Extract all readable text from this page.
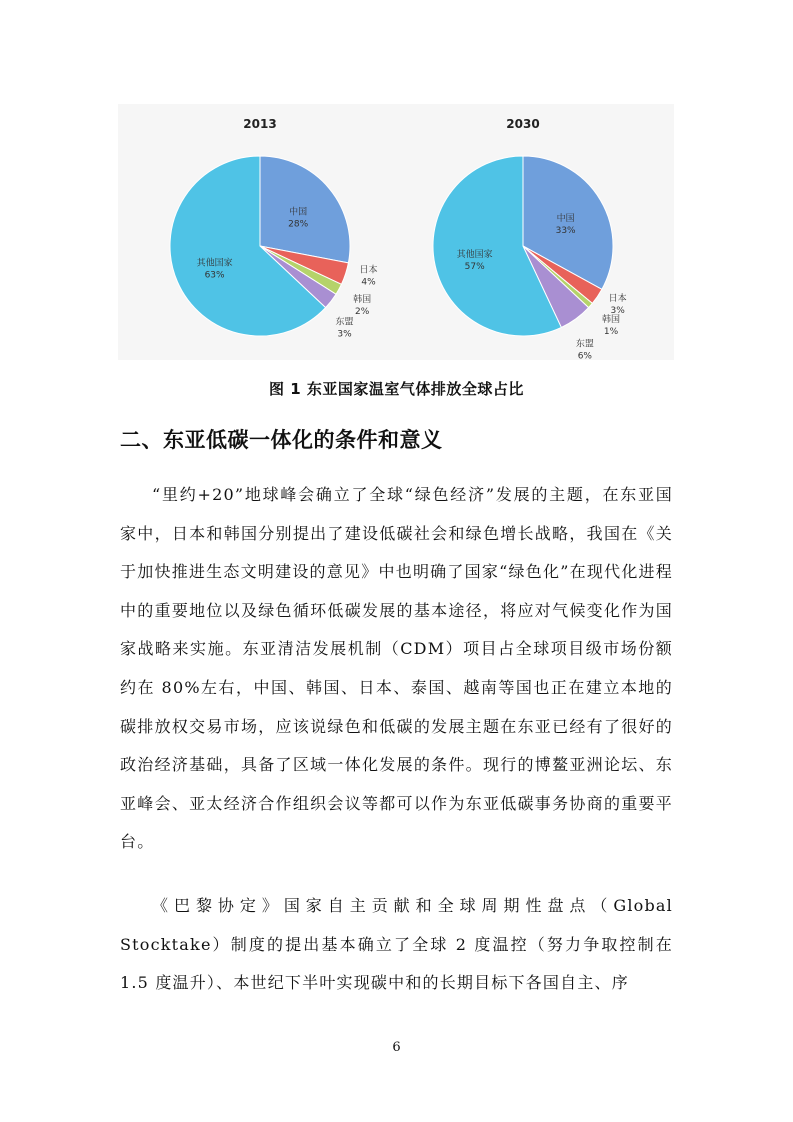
2013
中国
28%
日本
4%
韩国
2%
东盟
3%
其他国家
63%
2030
中国
33%
日本
3%
韩国
1%
东盟
6%
其他国家
57%
图 1 东亚国家温室气体排放全球占比
二、东亚低碳一体化的条件和意义

“里约+20”地球峰会确立了全球“绿色经济”发展的主题，在东亚国家中，日本和韩国分别提出了建设低碳社会和绿色增长战略，我国在《关于加快推进生态文明建设的意见》中也明确了国家“绿色化”在现代化进程中的重要地位以及绿色循环低碳发展的基本途径，将应对气候变化作为国家战略来实施。东亚清洁发展机制（CDM）项目占全球项目级市场份额约在 80%左右，中国、韩国、日本、泰国、越南等国也正在建立本地的碳排放权交易市场，应该说绿色和低碳的发展主题在东亚已经有了很好的政治经济基础，具备了区域一体化发展的条件。现行的博鳌亚洲论坛、东亚峰会、亚太经济合作组织会议等都可以作为东亚低碳事务协商的重要平台。

《巴黎协定》国家自主贡献和全球周期性盘点（Global Stocktake）制度的提出基本确立了全球 2 度温控（努力争取控制在 1.5 度温升）、本世纪下半叶实现碳中和的长期目标下各国自主、序

6
